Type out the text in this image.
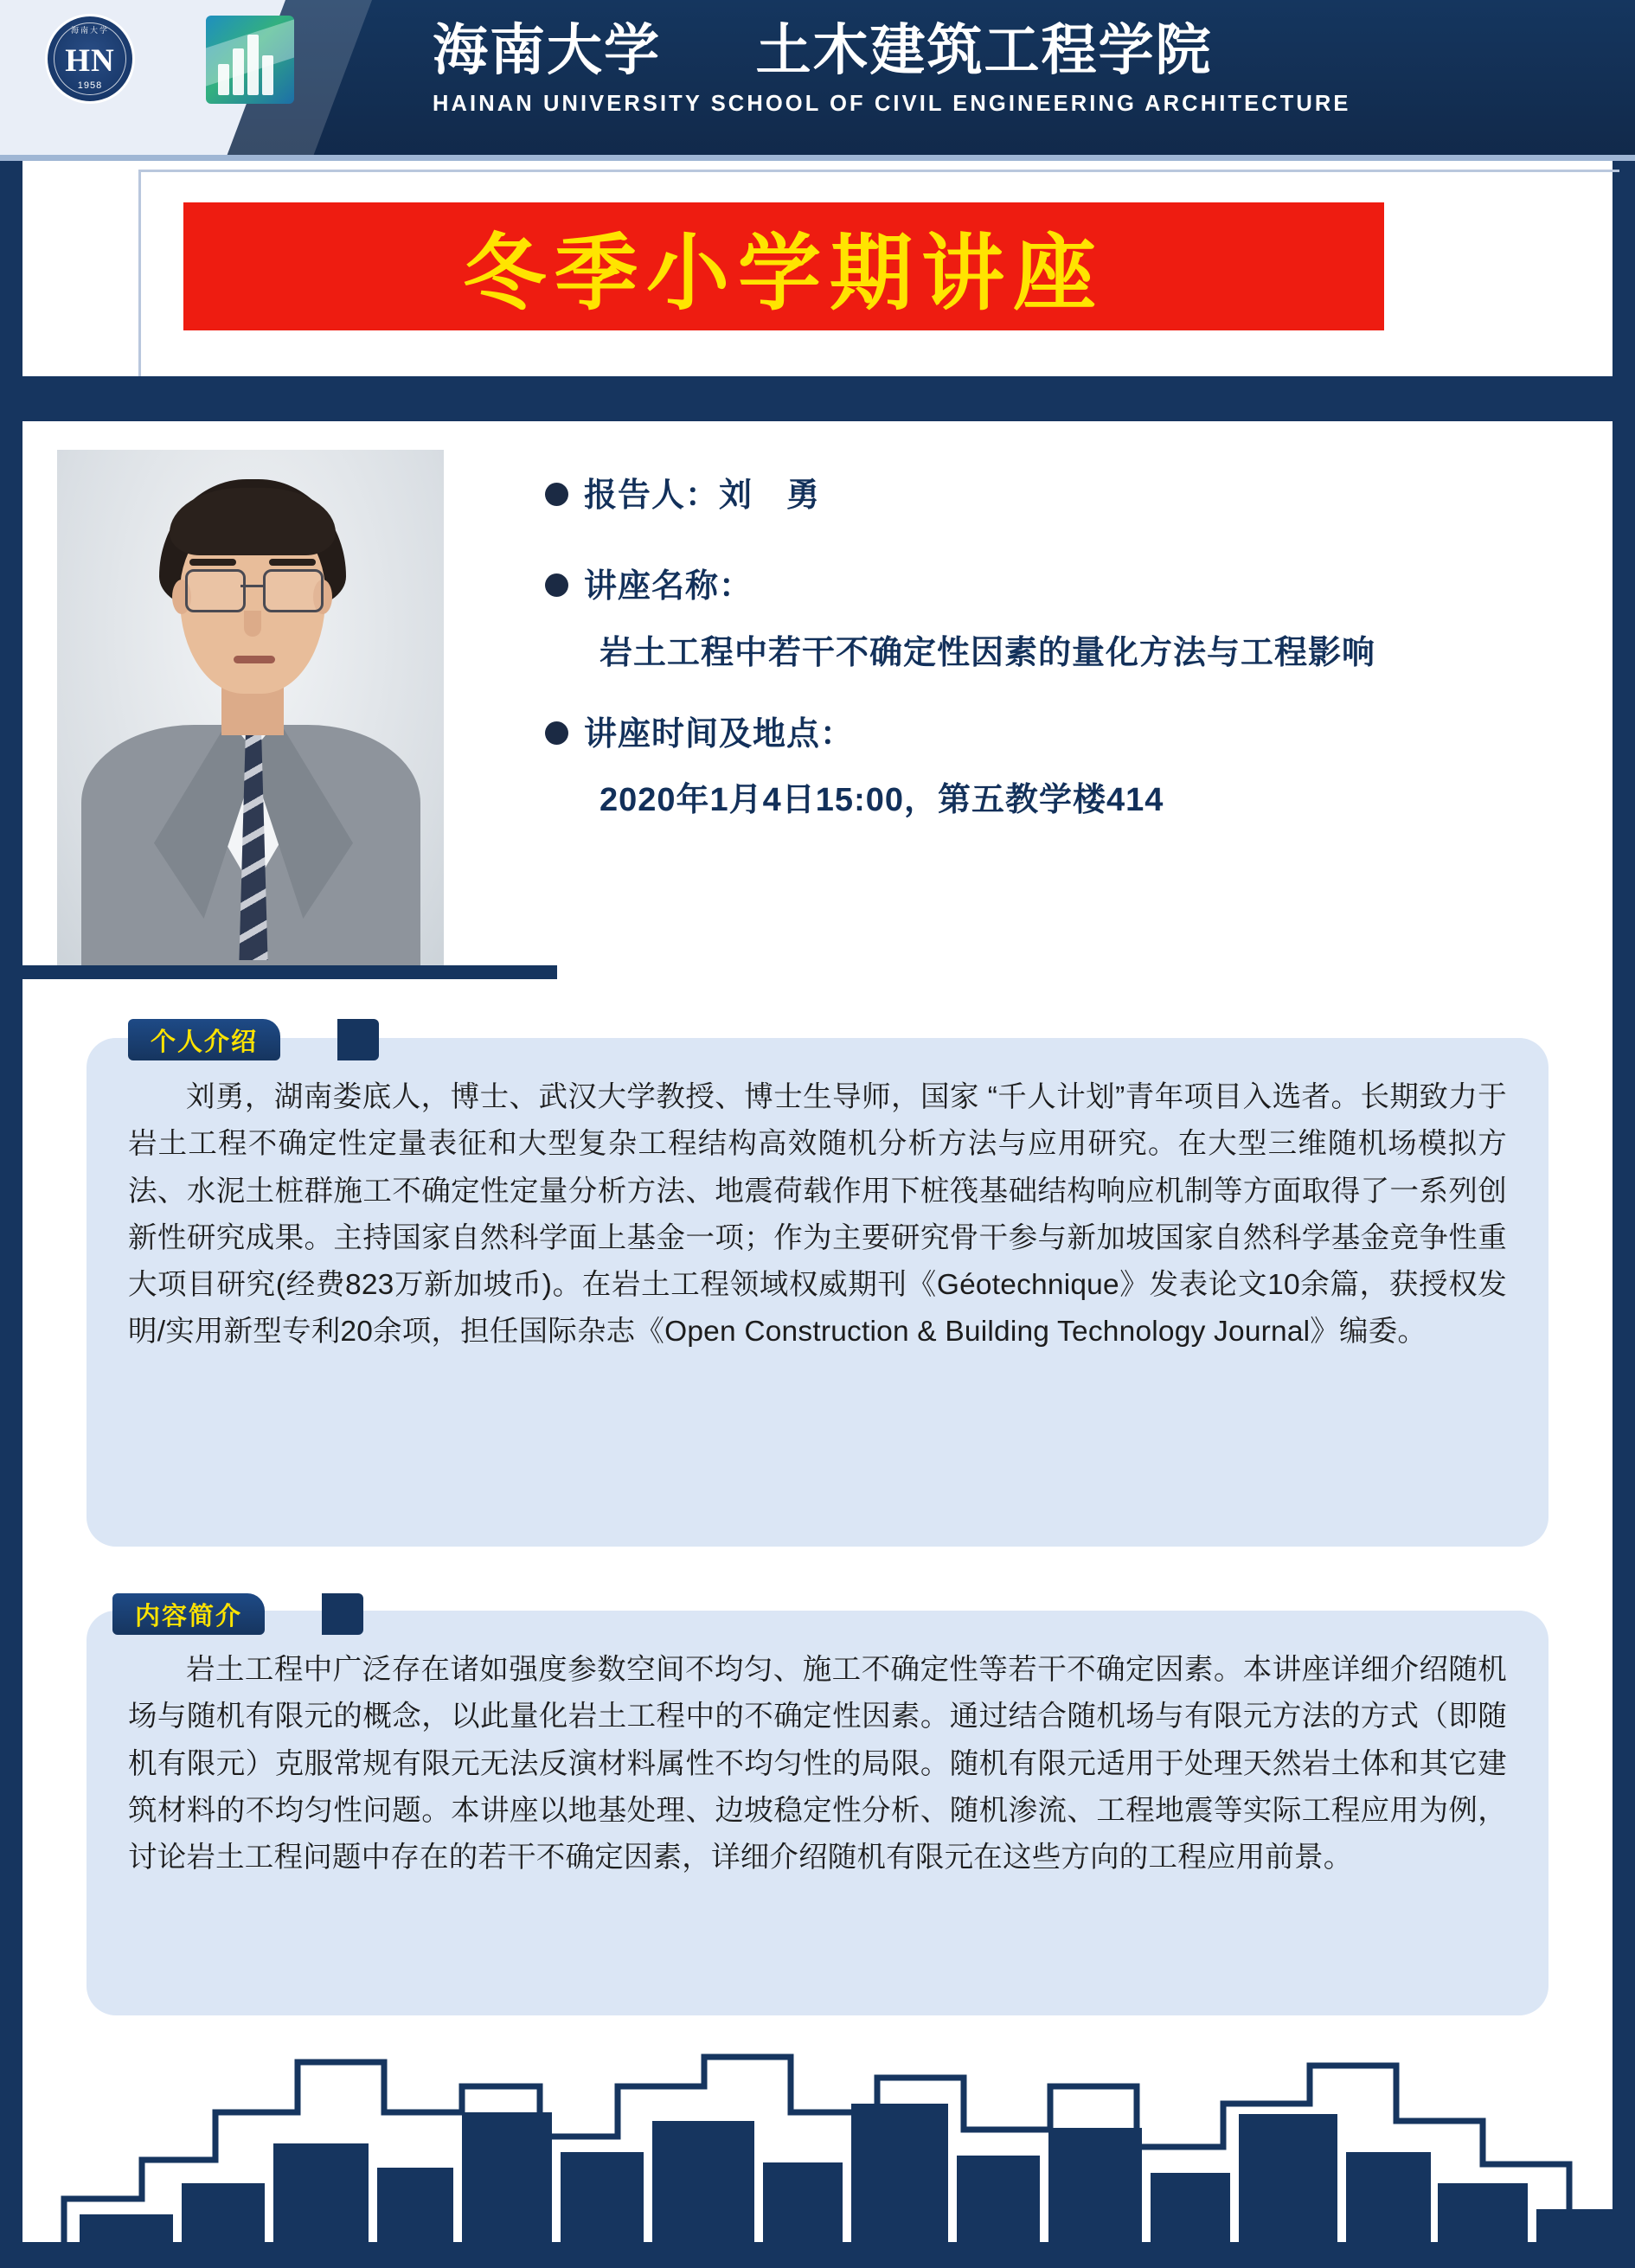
海南大学
HN
1958
海南大学 土木建筑工程学院
HAINAN UNIVERSITY SCHOOL OF CIVIL ENGINEERING ARCHITECTURE
冬季小学期讲座
报告人：刘　勇
讲座名称：
岩土工程中若干不确定性因素的量化方法与工程影响
讲座时间及地点：
2020年1月4日15:00，第五教学楼414
个人介绍

刘勇，湖南娄底人，博士、武汉大学教授、博士生导师，国家 “千人计划”青年项目入选者。长期致力于岩土工程不确定性定量表征和大型复杂工程结构高效随机分析方法与应用研究。在大型三维随机场模拟方法、水泥土桩群施工不确定性定量分析方法、地震荷载作用下桩筏基础结构响应机制等方面取得了一系列创新性研究成果。主持国家自然科学面上基金一项；作为主要研究骨干参与新加坡国家自然科学基金竞争性重大项目研究(经费823万新加坡币)。在岩土工程领域权威期刊《Géotechnique》发表论文10余篇，获授权发明/实用新型专利20余项，担任国际杂志《Open Construction & Building Technology Journal》编委。

内容简介

岩土工程中广泛存在诸如强度参数空间不均匀、施工不确定性等若干不确定因素。本讲座详细介绍随机场与随机有限元的概念，以此量化岩土工程中的不确定性因素。通过结合随机场与有限元方法的方式（即随机有限元）克服常规有限元无法反演材料属性不均匀性的局限。随机有限元适用于处理天然岩土体和其它建筑材料的不均匀性问题。本讲座以地基处理、边坡稳定性分析、随机渗流、工程地震等实际工程应用为例，讨论岩土工程问题中存在的若干不确定因素，详细介绍随机有限元在这些方向的工程应用前景。
